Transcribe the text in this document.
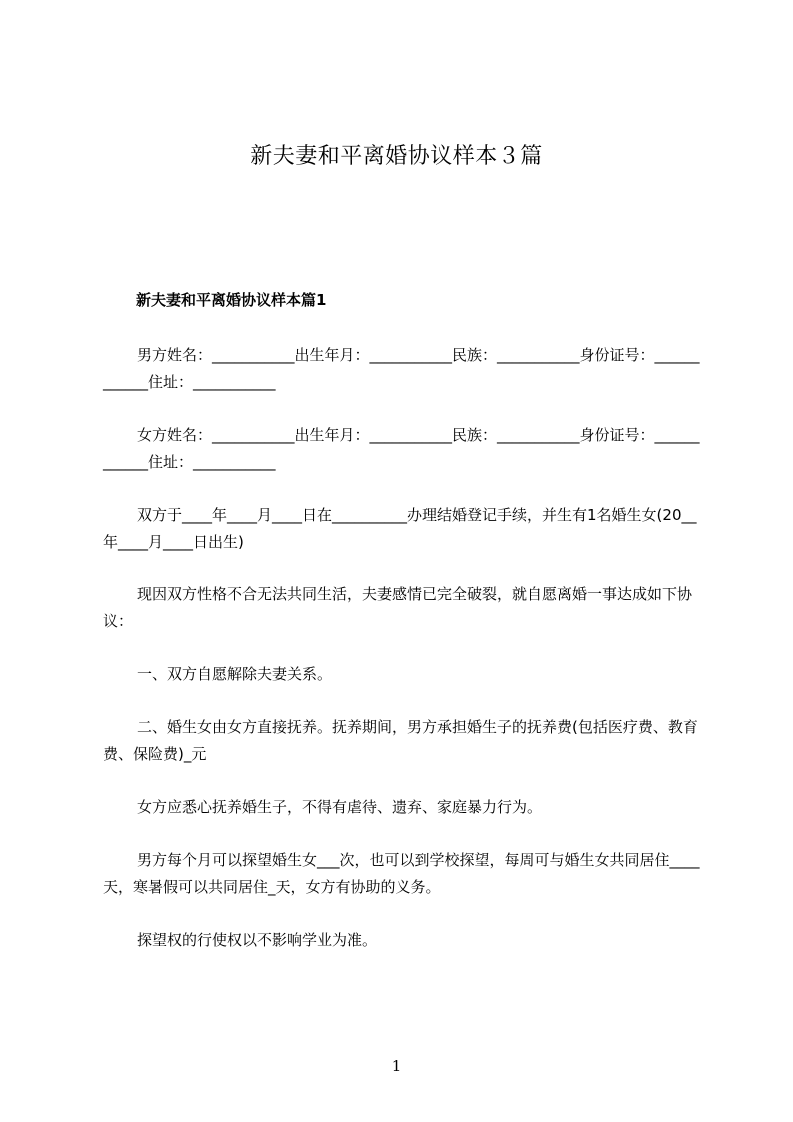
新夫妻和平离婚协议样本３篇
新夫妻和平离婚协议样本篇1

男方姓名：___________出生年月：___________民族：___________身份证号：____________住址：___________

女方姓名：___________出生年月：___________民族：___________身份证号：____________住址：___________

双方于____年____月____日在__________办理结婚登记手续，并生有1名婚生女(20__年____月____日出生)

现因双方性格不合无法共同生活，夫妻感情已完全破裂，就自愿离婚一事达成如下协议：

一、双方自愿解除夫妻关系。

二、婚生女由女方直接抚养。抚养期间，男方承担婚生子的抚养费(包括医疗费、教育费、保险费)_元

女方应悉心抚养婚生子，不得有虐待、遗弃、家庭暴力行为。

男方每个月可以探望婚生女___次，也可以到学校探望，每周可与婚生女共同居住____天，寒暑假可以共同居住_天，女方有协助的义务。

探望权的行使权以不影响学业为准。

1
